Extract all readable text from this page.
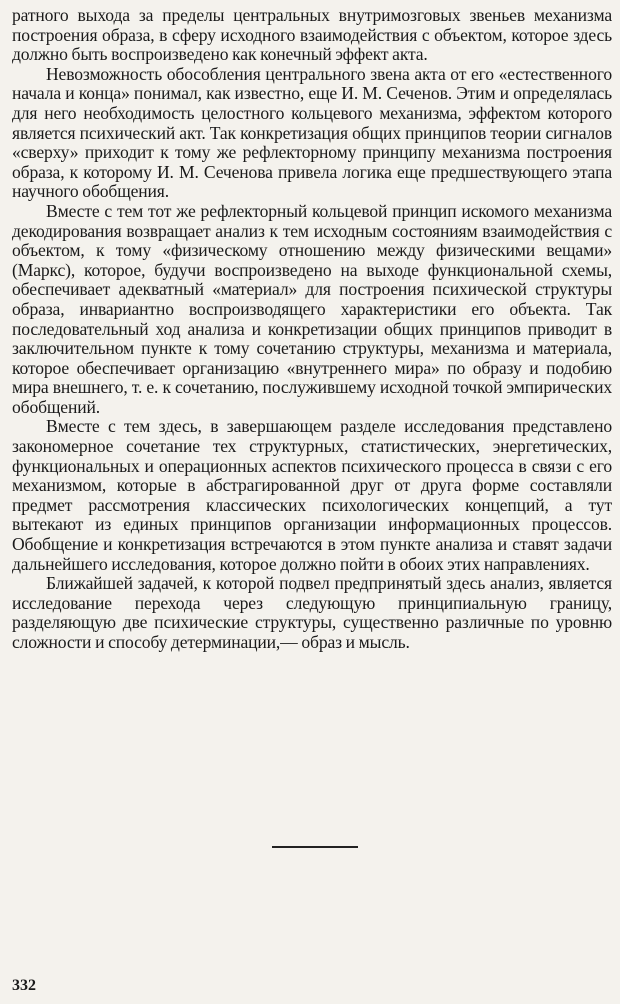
ратного выхода за пределы центральных внутримозговых звеньев механизма построения образа, в сферу исходного взаимодействия с объектом, которое здесь должно быть воспроизведено как конечный эффект акта.

Невозможность обособления центрального звена акта от его «естественного начала и конца» понимал, как известно, еще И. М. Сеченов. Этим и определялась для него необходимость целостного кольцевого механизма, эффектом которого является психический акт. Так конкретизация общих принципов теории сигналов «сверху» приходит к тому же рефлекторному принципу механизма построения образа, к которому И. М. Сеченова привела логика еще предшествующего этапа научного обобщения.

Вместе с тем тот же рефлекторный кольцевой принцип искомого механизма декодирования возвращает анализ к тем исходным состояниям взаимодействия с объектом, к тому «физическому отношению между физическими вещами» (Маркс), которое, будучи воспроизведено на выходе функциональной схемы, обеспечивает адекватный «материал» для построения психической структуры образа, инвариантно воспроизводящего характеристики его объекта. Так последовательный ход анализа и конкретизации общих принципов приводит в заключительном пункте к тому сочетанию структуры, механизма и материала, которое обеспечивает организацию «внутреннего мира» по образу и подобию мира внешнего, т. е. к сочетанию, послужившему исходной точкой эмпирических обобщений.

Вместе с тем здесь, в завершающем разделе исследования представлено закономерное сочетание тех структурных, статистических, энергетических, функциональных и операционных аспектов психического процесса в связи с его механизмом, которые в абстрагированной друг от друга форме составляли предмет рассмотрения классических психологических концепций, а тут вытекают из единых принципов организации информационных процессов. Обобщение и конкретизация встречаются в этом пункте анализа и ставят задачи дальнейшего исследования, которое должно пойти в обоих этих направлениях.

Ближайшей задачей, к которой подвел предпринятый здесь анализ, является исследование перехода через следующую принципиальную границу, разделяющую две психические структуры, существенно различные по уровню сложности и способу детерминации,— образ и мысль.

332
